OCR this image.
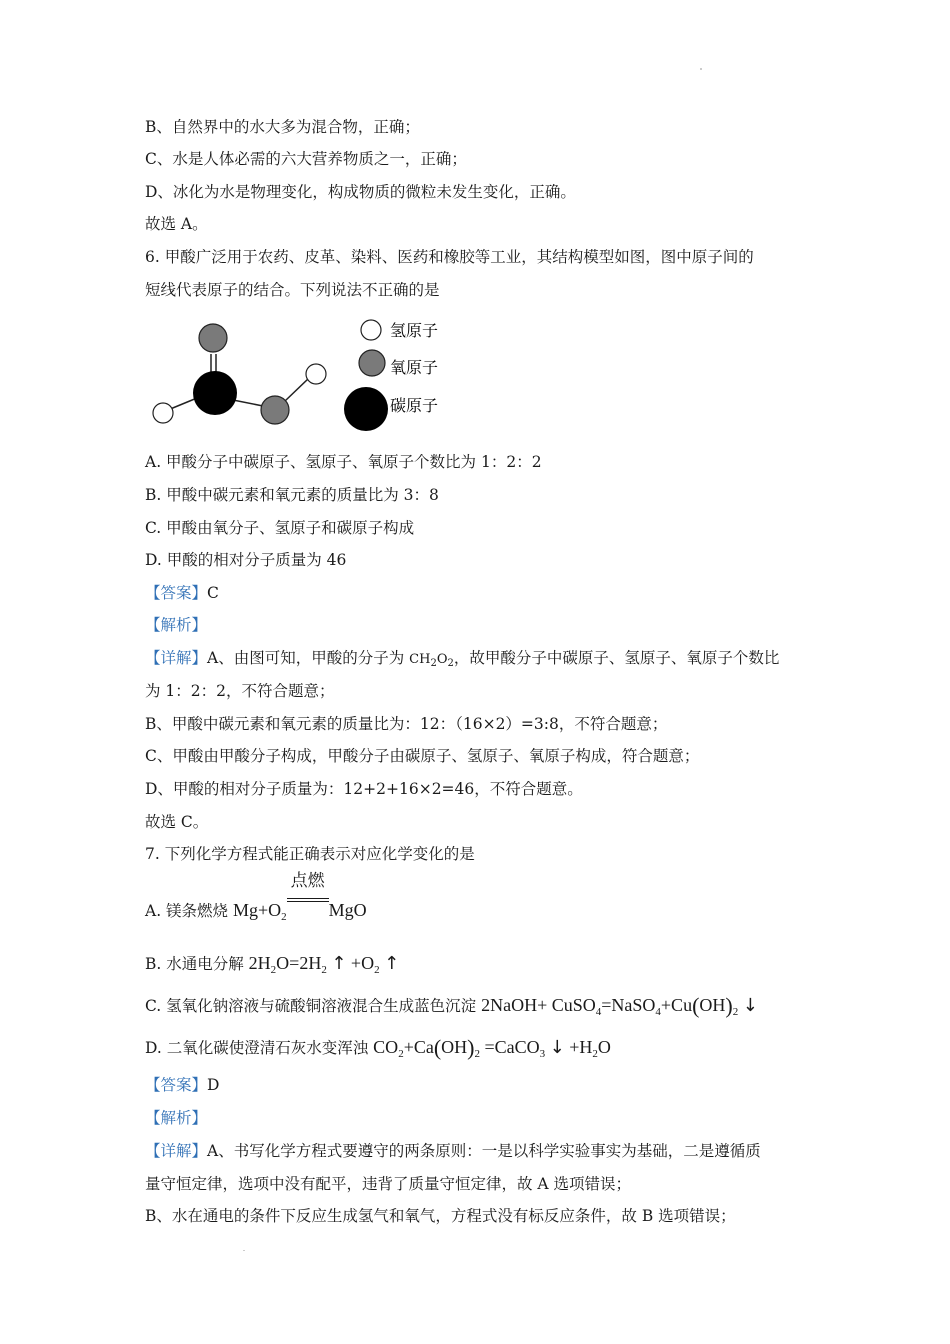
B、自然界中的水大多为混合物，正确；
C、水是人体必需的六大营养物质之一，正确；
D、冰化为水是物理变化，构成物质的微粒未发生变化，正确。
故选 A。
6. 甲酸广泛用于农药、皮革、染料、医药和橡胶等工业，其结构模型如图，图中原子间的
短线代表原子的结合。下列说法不正确的是
氢原子
氧原子
碳原子
A. 甲酸分子中碳原子、氢原子、氧原子个数比为 1：2：2
B. 甲酸中碳元素和氧元素的质量比为 3：8
C. 甲酸由氧分子、氢原子和碳原子构成
D. 甲酸的相对分子质量为 46
【答案】C
【解析】
【详解】A、由图可知，甲酸的分子为 $CH_2O_2$，故甲酸分子中碳原子、氢原子、氧原子个数比
为 1：2：2，不符合题意；
B、甲酸中碳元素和氧元素的质量比为：12：（16×2）=3:8，不符合题意；
C、甲酸由甲酸分子构成，甲酸分子由碳原子、氢原子、氧原子构成，符合题意；
D、甲酸的相对分子质量为：12+2+16×2=46，不符合题意。
故选 C。
7. 下列化学方程式能正确表示对应化学变化的是
A. 镁条燃烧 $Mg+O_2$
点燃
MgO
B. 水通电分解 $2H_2O=2H_2$ ↑ $+O_2$ ↑
C. 氢氧化钠溶液与硫酸铜溶液混合生成蓝色沉淀 2NaOH+ $CuSO_4=NaSO_4+Cu(OH)_2$ ↓
D. 二氧化碳使澄清石灰水变浑浊 $CO_2+Ca(OH)_2$ =CaCO$_3$ ↓ $+H_2O$
【答案】D
【解析】
【详解】A、书写化学方程式要遵守的两条原则：一是以科学实验事实为基础，二是遵循质
量守恒定律，选项中没有配平，违背了质量守恒定律，故 A 选项错误；
B、水在通电的条件下反应生成氢气和氧气，方程式没有标反应条件，故 B 选项错误；
